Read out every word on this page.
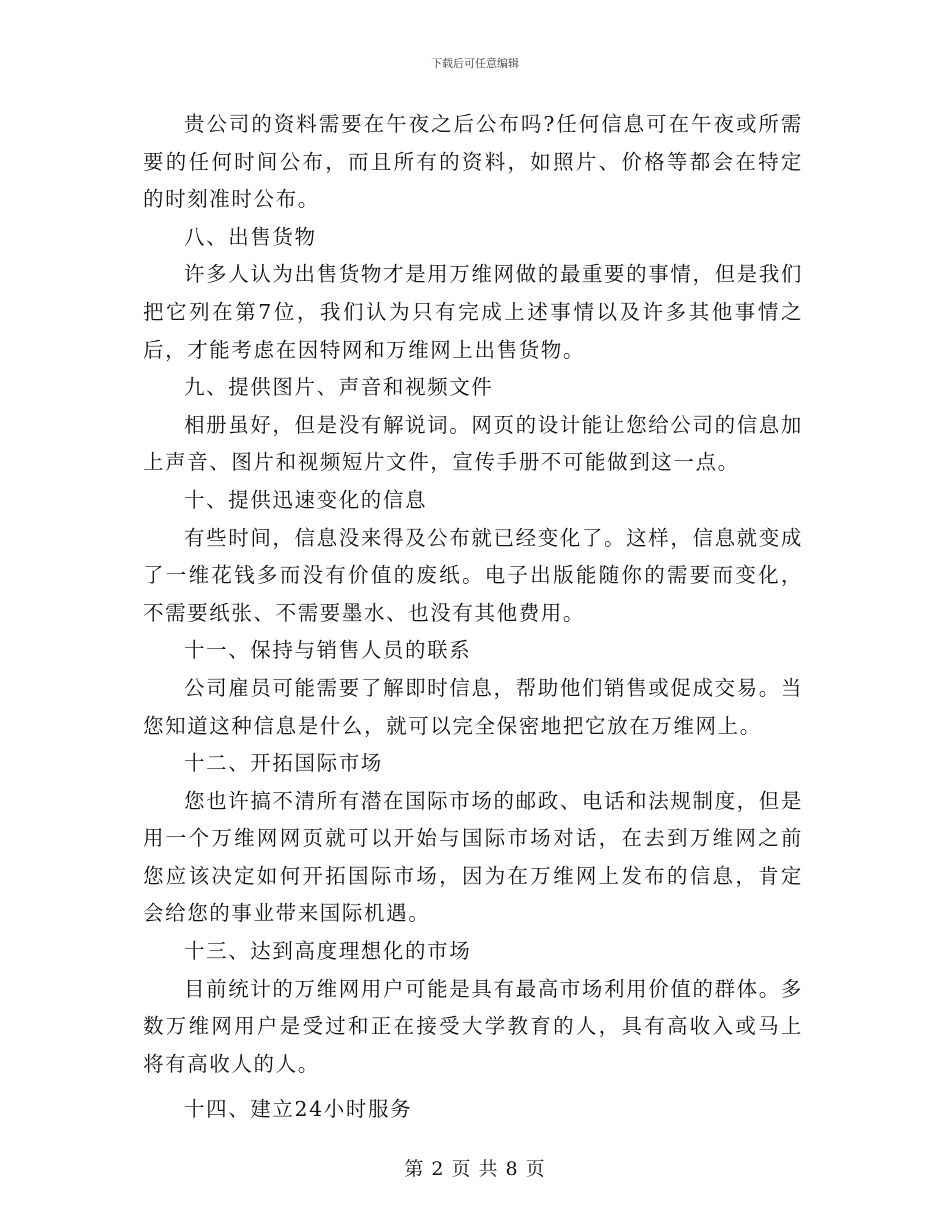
下载后可任意编辑

贵公司的资料需要在午夜之后公布吗?任何信息可在午夜或所需要的任何时间公布，而且所有的资料，如照片、价格等都会在特定的时刻准时公布。

八、出售货物

许多人认为出售货物才是用万维网做的最重要的事情，但是我们把它列在第7位，我们认为只有完成上述事情以及许多其他事情之后，才能考虑在因特网和万维网上出售货物。

九、提供图片、声音和视频文件

相册虽好，但是没有解说词。网页的设计能让您给公司的信息加上声音、图片和视频短片文件，宣传手册不可能做到这一点。

十、提供迅速变化的信息

有些时间，信息没来得及公布就已经变化了。这样，信息就变成了一维花钱多而没有价值的废纸。电子出版能随你的需要而变化，不需要纸张、不需要墨水、也没有其他费用。

十一、保持与销售人员的联系

公司雇员可能需要了解即时信息，帮助他们销售或促成交易。当您知道这种信息是什么，就可以完全保密地把它放在万维网上。

十二、开拓国际市场

您也许搞不清所有潜在国际市场的邮政、电话和法规制度，但是用一个万维网网页就可以开始与国际市场对话，在去到万维网之前您应该决定如何开拓国际市场，因为在万维网上发布的信息，肯定会给您的事业带来国际机遇。

十三、达到高度理想化的市场

目前统计的万维网用户可能是具有最高市场利用价值的群体。多数万维网用户是受过和正在接受大学教育的人，具有高收入或马上将有高收人的人。

十四、建立24小时服务

第 2 页 共 8 页
